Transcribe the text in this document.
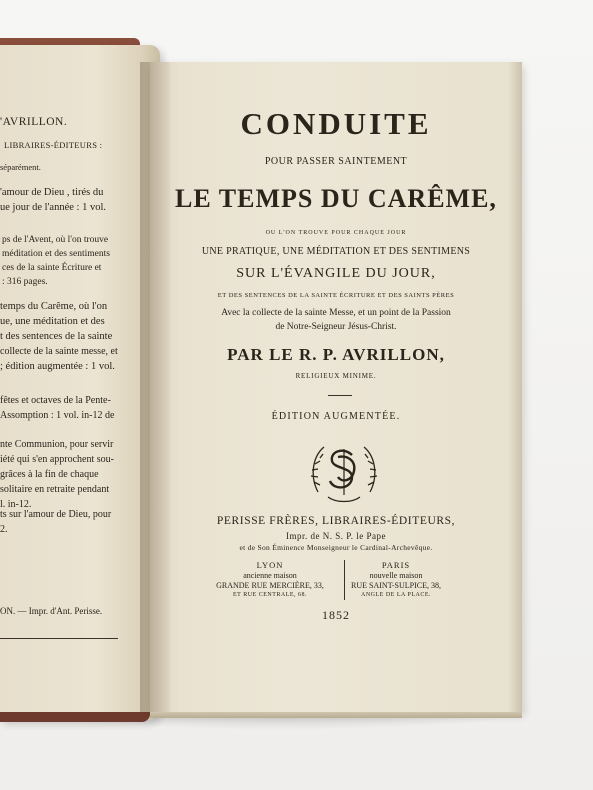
'AVRILLON.
LIBRAIRES-ÉDITEURS :
séparément.
'amour de Dieu , tirés du
ue jour de l'année : 1 vol.
ps de l'Avent, où l'on trouve
méditation et des sentiments
ces de la sainte Écriture et
: 316 pages.
temps du Carême, où l'on
ue, une méditation et des
t des sentences de la sainte
collecte de la sainte messe, et
; édition augmentée : 1 vol.
fêtes et octaves de la Pente-
Assomption : 1 vol. in-12 de
nte Communion, pour servir
iété qui s'en approchent sou-
grâces à la fin de chaque
solitaire en retraite pendant
l. in-12.
ts sur l'amour de Dieu, pour
2.
ON. — Impr. d'Ant. Perisse.
CONDUITE
POUR PASSER SAINTEMENT
LE TEMPS DU CARÊME,
OU L'ON TROUVE POUR CHAQUE JOUR
UNE PRATIQUE, UNE MÉDITATION ET DES SENTIMENS
SUR L'ÉVANGILE DU JOUR,
ET DES SENTENCES DE LA SAINTE ÉCRITURE ET DES SAINTS PÈRES
Avec la collecte de la sainte Messe, et un point de la Passion
de Notre-Seigneur Jésus-Christ.
PAR LE R. P. AVRILLON,
RELIGIEUX MINIME.
ÉDITION AUGMENTÉE.
PERISSE FRÈRES, LIBRAIRES-ÉDITEURS,
Impr. de N. S. P. le Pape
et de Son Éminence Monseigneur le Cardinal-Archevêque.
LYON
ancienne maison
GRANDE RUE MERCIÈRE, 33,
ET RUE CENTRALE, 68.
PARIS
nouvelle maison
RUE SAINT-SULPICE, 38,
ANGLE DE LA PLACE.
1852
